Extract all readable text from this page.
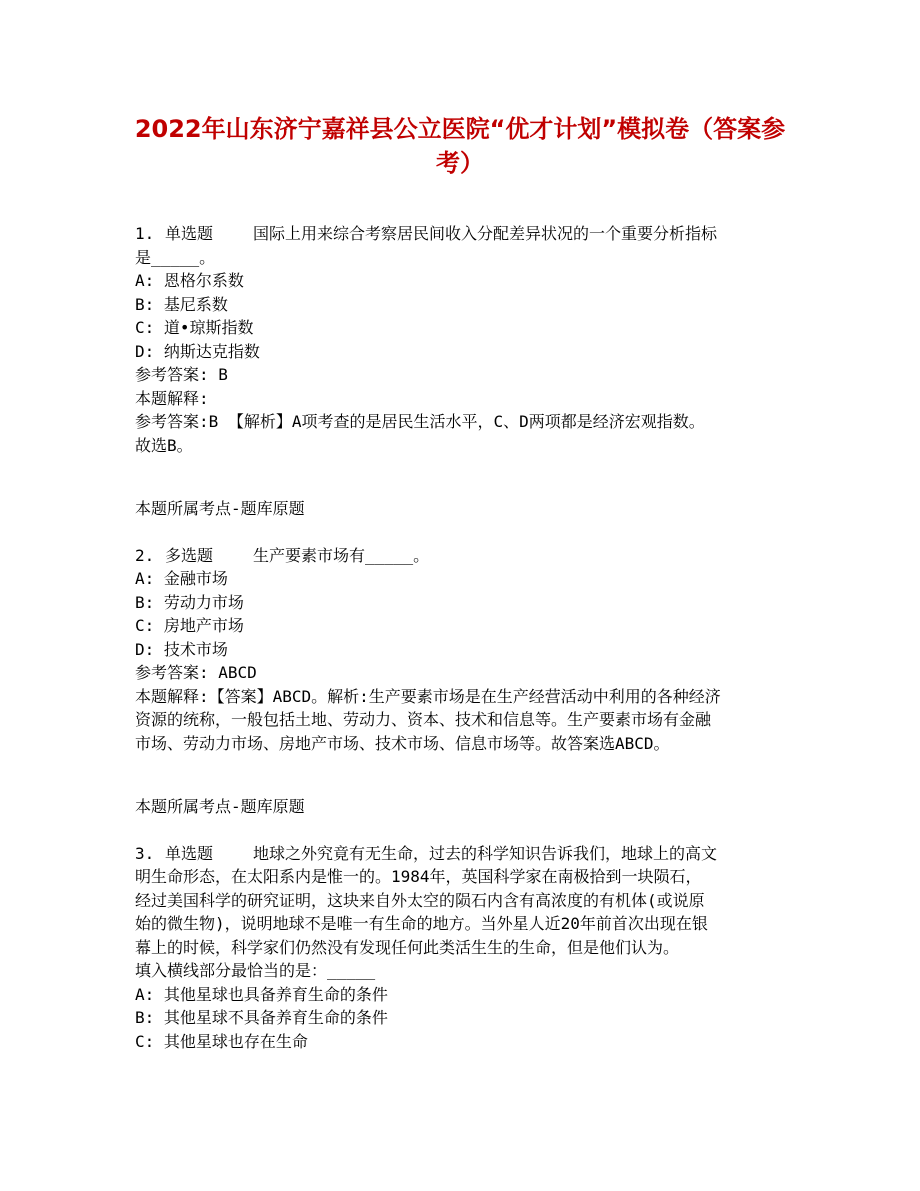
2022年山东济宁嘉祥县公立医院“优才计划”模拟卷（答案参考）
1. 单选题 国际上用来综合考察居民间收入分配差异状况的一个重要分析指标
是_____。
A: 恩格尔系数
B: 基尼系数
C: 道•琼斯指数
D: 纳斯达克指数
参考答案: B
本题解释:
参考答案:B 【解析】A项考查的是居民生活水平，C、D两项都是经济宏观指数。
故选B。
本题所属考点-题库原题
2. 多选题 生产要素市场有_____。
A: 金融市场
B: 劳动力市场
C: 房地产市场
D: 技术市场
参考答案: ABCD
本题解释:【答案】ABCD。解析:生产要素市场是在生产经营活动中利用的各种经济
资源的统称，一般包括土地、劳动力、资本、技术和信息等。生产要素市场有金融
市场、劳动力市场、房地产市场、技术市场、信息市场等。故答案选ABCD。
本题所属考点-题库原题
3. 单选题 地球之外究竟有无生命，过去的科学知识告诉我们，地球上的高文
明生命形态，在太阳系内是惟一的。1984年，英国科学家在南极拾到一块陨石，
经过美国科学的研究证明，这块来自外太空的陨石内含有高浓度的有机体(或说原
始的微生物)，说明地球不是唯一有生命的地方。当外星人近20年前首次出现在银
幕上的时候，科学家们仍然没有发现任何此类活生生的生命，但是他们认为。
填入横线部分最恰当的是：_____
A: 其他星球也具备养育生命的条件
B: 其他星球不具备养育生命的条件
C: 其他星球也存在生命
